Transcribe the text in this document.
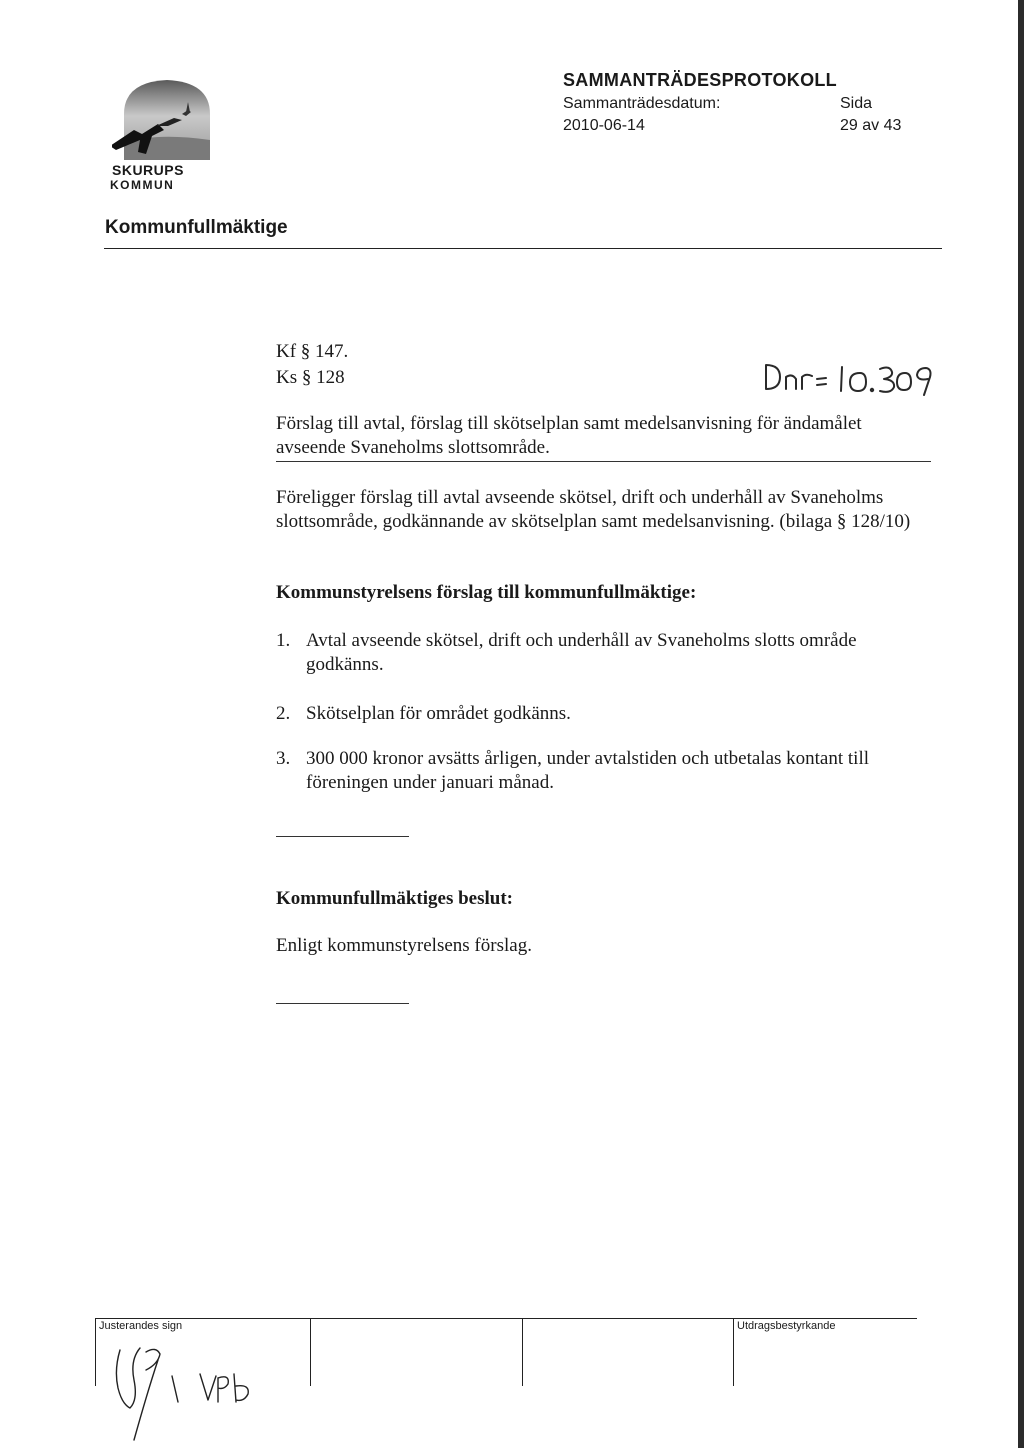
SKURUPS
KOMMUN
SAMMANTRÄDESPROTOKOLL
Sammanträdesdatum:
2010-06-14
Sida
29 av 43
Kommunfullmäktige
Kf § 147.
Ks § 128
Förslag till avtal, förslag till skötselplan samt medelsanvisning för ändamålet avseende Svaneholms slottsområde.
Föreligger förslag till avtal avseende skötsel, drift och underhåll av Svaneholms slottsområde, godkännande av skötselplan samt medelsanvisning. (bilaga § 128/10)
Kommunstyrelsens förslag till kommunfullmäktige:
1. Avtal avseende skötsel, drift och underhåll av Svaneholms slotts område godkänns.
2. Skötselplan för området godkänns.
3. 300 000 kronor avsätts årligen, under avtalstiden och utbetalas kontant till föreningen under januari månad.
Kommunfullmäktiges beslut:
Enligt kommunstyrelsens förslag.
Justerandes sign	Utdragsbestyrkande
